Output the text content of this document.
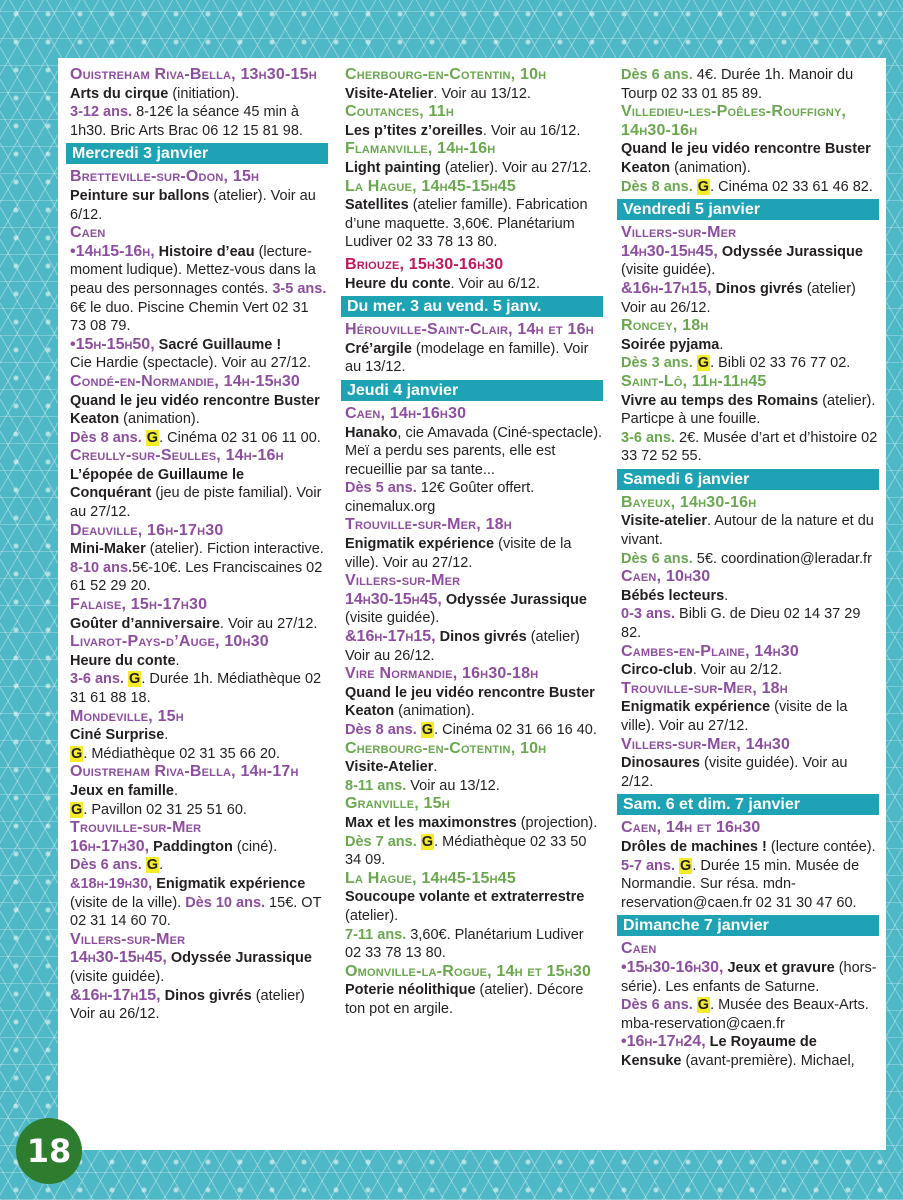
Ouistreham Riva-Bella, 13h30-15h
Arts du cirque (initiation).
3-12 ans. 8-12€ la séance 45 min à 1h30. Bric Arts Brac 06 12 15 81 98.
Mercredi 3 janvier
Bretteville-sur-Odon, 15h
Peinture sur ballons (atelier). Voir au 6/12.
Caen
•14h15-16h, Histoire d’eau (lecture-moment ludique). Mettez-vous dans la peau des personnages contés. 3-5 ans. 6€ le duo. Piscine Chemin Vert 02 31 73 08 79.
•15h-15h50, Sacré Guillaume !
Cie Hardie (spectacle). Voir au 27/12.
Condé-en-Normandie, 14h-15h30
Quand le jeu vidéo rencontre Buster Keaton (animation).
Dès 8 ans. G. Cinéma 02 31 06 11 00.
Creully-sur-Seulles, 14h-16h
L’épopée de Guillaume le Conquérant (jeu de piste familial). Voir au 27/12.
Deauville, 16h-17h30
Mini-Maker (atelier). Fiction interactive.
8-10 ans.5€-10€. Les Franciscaines 02 61 52 29 20.
Falaise, 15h-17h30
Goûter d’anniversaire. Voir au 27/12.
Livarot-Pays-d’Auge, 10h30
Heure du conte.
3-6 ans. G. Durée 1h. Médiathèque 02 31 61 88 18.
Mondeville, 15h
Ciné Surprise.
G. Médiathèque 02 31 35 66 20.
Ouistreham Riva-Bella, 14h-17h
Jeux en famille.
G. Pavillon 02 31 25 51 60.
Trouville-sur-Mer
16h-17h30, Paddington (ciné).
Dès 6 ans. G.
&18h-19h30, Enigmatik expérience (visite de la ville). Dès 10 ans. 15€. OT 02 31 14 60 70.
Villers-sur-Mer
14h30-15h45, Odyssée Jurassique (visite guidée).
&16h-17h15, Dinos givrés (atelier) Voir au 26/12.
Cherbourg-en-Cotentin, 10h
Visite-Atelier. Voir au 13/12.
Coutances, 11h
Les p’tites z’oreilles. Voir au 16/12.
Flamanville, 14h-16h
Light painting (atelier). Voir au 27/12.
La Hague, 14h45-15h45
Satellites (atelier famille). Fabrication d’une maquette. 3,60€. Planétarium Ludiver 02 33 78 13 80.
Briouze, 15h30-16h30
Heure du conte. Voir au 6/12.
Du mer. 3 au vend. 5 janv.
Hérouville-Saint-Clair, 14h et 16h
Cré’argile (modelage en famille). Voir au 13/12.
Jeudi 4 janvier
Caen, 14h-16h30
Hanako, cie Amavada (Ciné-spectacle). Meï a perdu ses parents, elle est recueillie par sa tante...
Dès 5 ans. 12€ Goûter offert. cinemalux.org
Trouville-sur-Mer, 18h
Enigmatik expérience (visite de la ville). Voir au 27/12.
Villers-sur-Mer
14h30-15h45, Odyssée Jurassique (visite guidée).
&16h-17h15, Dinos givrés (atelier) Voir au 26/12.
Vire Normandie, 16h30-18h
Quand le jeu vidéo rencontre Buster Keaton (animation).
Dès 8 ans. G. Cinéma 02 31 66 16 40.
Cherbourg-en-Cotentin, 10h
Visite-Atelier.
8-11 ans. Voir au 13/12.
Granville, 15h
Max et les maximonstres (projection).
Dès 7 ans. G. Médiathèque 02 33 50 34 09.
La Hague, 14h45-15h45
Soucoupe volante et extraterrestre (atelier).
7-11 ans. 3,60€. Planétarium Ludiver 02 33 78 13 80.
Omonville-la-Rogue, 14h et 15h30
Poterie néolithique (atelier). Décore ton pot en argile.
Dès 6 ans. 4€. Durée 1h. Manoir du Tourp 02 33 01 85 89.
Villedieu-les-Poêles-Rouffigny, 14h30-16h
Quand le jeu vidéo rencontre Buster Keaton (animation).
Dès 8 ans. G. Cinéma 02 33 61 46 82.
Vendredi 5 janvier
Villers-sur-Mer
14h30-15h45, Odyssée Jurassique (visite guidée).
&16h-17h15, Dinos givrés (atelier) Voir au 26/12.
Roncey, 18h
Soirée pyjama.
Dès 3 ans. G. Bibli 02 33 76 77 02.
Saint-Lô, 11h-11h45
Vivre au temps des Romains (atelier). Particpe à une fouille.
3-6 ans. 2€. Musée d’art et d’histoire 02 33 72 52 55.
Samedi 6 janvier
Bayeux, 14h30-16h
Visite-atelier. Autour de la nature et du vivant.
Dès 6 ans. 5€. coordination@leradar.fr
Caen, 10h30
Bébés lecteurs.
0-3 ans. Bibli G. de Dieu 02 14 37 29 82.
Cambes-en-Plaine, 14h30
Circo-club. Voir au 2/12.
Trouville-sur-Mer, 18h
Enigmatik expérience (visite de la ville). Voir au 27/12.
Villers-sur-Mer, 14h30
Dinosaures (visite guidée). Voir au 2/12.
Sam. 6 et dim. 7 janvier
Caen, 14h et 16h30
Drôles de machines ! (lecture contée).
5-7 ans. G. Durée 15 min. Musée de Normandie. Sur résa. mdn-reservation@caen.fr 02 31 30 47 60.
Dimanche 7 janvier
Caen
•15h30-16h30, Jeux et gravure (hors-série). Les enfants de Saturne.
Dès 6 ans. G. Musée des Beaux-Arts. mba-reservation@caen.fr
•16h-17h24, Le Royaume de Kensuke (avant-première). Michael,
18
